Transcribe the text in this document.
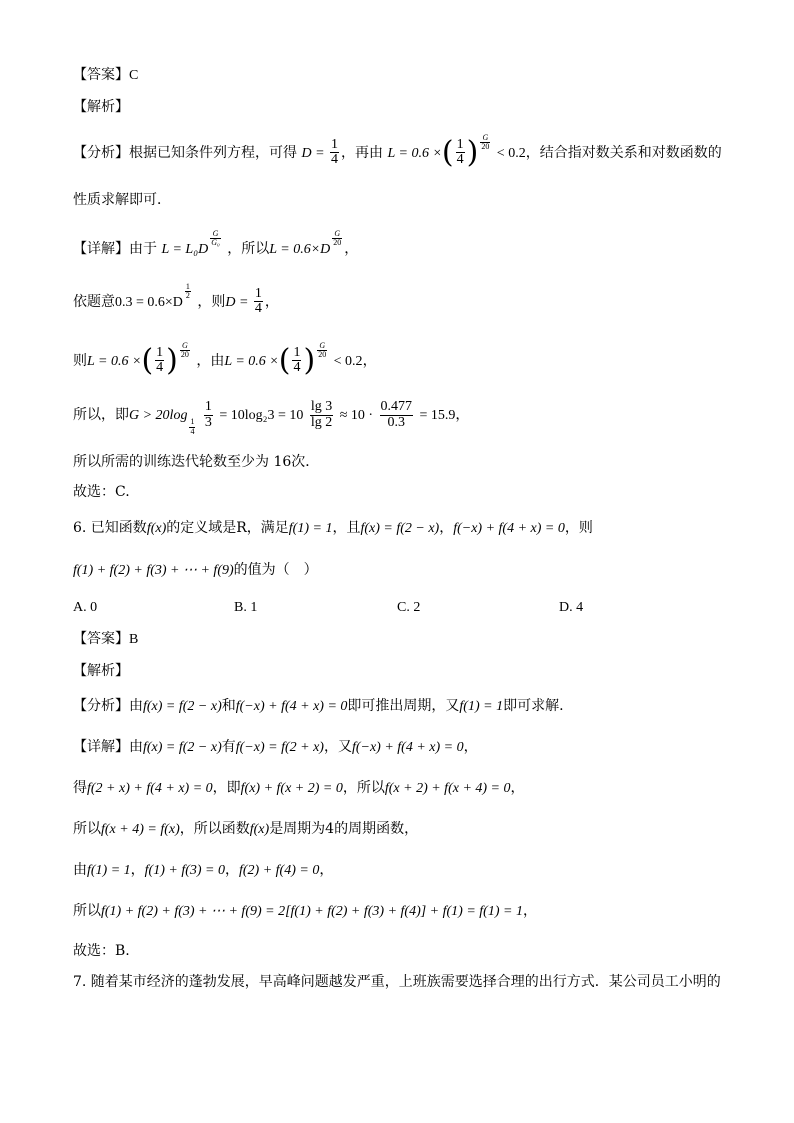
【答案】C
【解析】
【分析】根据已知条件列方程，可得 $D = \frac{1}{4}$ ，再由 L = 0.6 ×( $\frac{1}{4}$ ) $\frac{G}{20}$
< 0.2，结合指对数关系和对数函数的
性质求解即可．
【详解】由于 L = L₀D
$\frac{G}{\text{G₀}}$
，所以L = 0.6×D
$\frac{G}{20}$
，
依题意0.3 = 0.6×D
$\frac{1}{2}$
，则$D = \frac{1}{4}$ ，
则L = 0.6 ×( $\frac{1}{4}$ ) $\frac{G}{20}$
，由L = 0.6 ×( $\frac{1}{4}$ ) $\frac{G}{20}$
< 0.2，
所以，即G > 20log
$\frac{1}{4}$
$\frac{1}{3} = 10\log_23 = 10 \frac{\lg 3}{\lg 2} \approx 10 \cdot \frac{0.477}{0.3} = 15.9$，
所以所需的训练迭代轮数至少为 16次．
故选：C.
6. 已知函数f(x)的定义域是R，满足f(1) = 1，且f(x) = f(2 − x)，f(−x) + f(4 + x) = 0，则
f(1) + f(2) + f(3) + ⋯ + f(9)的值为（　）
A. 0	B. 1	C. 2	D. 4
【答案】B
【解析】
【分析】由f(x) = f(2 − x)和f(−x) + f(4 + x) = 0即可推出周期，又f(1) = 1即可求解.
【详解】由f(x) = f(2 − x)有f(−x) = f(2 + x)，又f(−x) + f(4 + x) = 0，
得f(2 + x) + f(4 + x) = 0，即f(x) + f(x + 2) = 0，所以f(x + 2) + f(x + 4) = 0，
所以f(x + 4) = f(x)，所以函数f(x)是周期为4的周期函数，
由f(1) = 1，f(1) + f(3) = 0，f(2) + f(4) = 0，
所以f(1) + f(2) + f(3) + ⋯ + f(9) = 2[f(1) + f(2) + f(3) + f(4)] + f(1) = f(1) = 1，
故选：B.
7. 随着某市经济的蓬勃发展，早高峰问题越发严重，上班族需要选择合理的出行方式．某公司员工小明的
